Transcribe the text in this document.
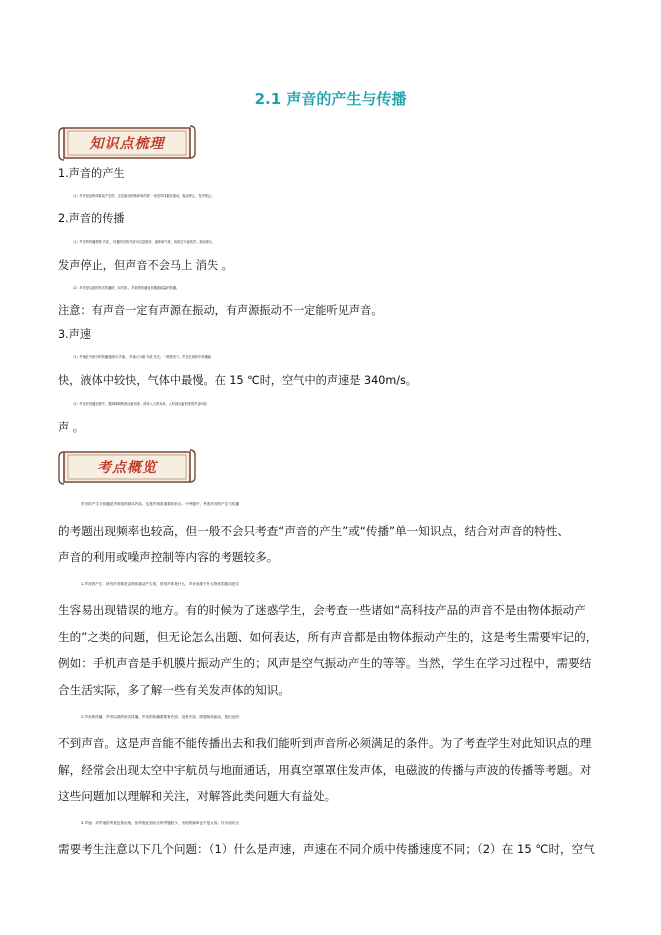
2.1 声音的产生与传播
知识点梳理

1.声音的产生

（1）声音是由物体振动产生的，正在振动的物体叫声源 一切发声体都在振动，振动停止，发声停止。

2.声音的传播

（1）声音的传播需要 介质 ，传播声音的介质可以是固体、液体和气体，但真空不能传声。振动停止，

发声停止，但声音不会马上 消失 。

（2）声音是以波的形式传播的，叫声波 。声波的传播也伴随着能量的传播。

注意：有声音一定有声源在振动，有声源振动不一定能听见声音。

3.声速

（1）声速在介质中的传播速度叫 声速 ，声速大小跟 介质 有关。一般情况下，声音在固体中传播最

快，液体中较快，气体中最慢。在 15 ℃时，空气中的声速是 340m/s。

（2）声音在传播过程中，遇到障碍物被反射回来，再传入人的耳朵，人听到反射回来的声音叫回

声 。

考点概览

声音的产生与传播是声现象的基本内容，也是声现象重要知识点。中考题中，考查声音的产生与传播

的考题出现频率也较高，但一般不会只考查“声音的产生”或“传播”单一知识点，结合对声音的特性、

声音的利用或噪声控制等内容的考题较多。

1.声音的产生：所有声音都是由物体振动产生的，但发声体是什么，声音来源于什么物体的振动是学

生容易出现错误的地方。有的时候为了迷惑学生，会考查一些诸如“高科技产品的声音不是由物体振动产

生的”之类的问题，但无论怎么出题、如何表达，所有声音都是由物体振动产生的，这是考生需要牢记的，

例如：手机声音是手机膜片振动产生的；风声是空气振动产生的等等。当然，学生在学习过程中，需要结

合生活实际，多了解一些有关发声体的知识。

2.声音的传播：声音以波的形式传播，声音的传播需要有介质；没有介质，即便物体振动，我们也听

不到声音。这是声音能不能传播出去和我们能听到声音所必须满足的条件。为了考查学生对此知识点的理

解，经常会出现太空中宇航员与地面通话，用真空罩罩住发声体，电磁波的传播与声波的传播等考题。对

这些问题加以理解和关注，对解答此类问题大有益处。

3.声速：对声速的考查也曾出现，但考查此知识点的考题较少，出现的频率也不是太高。作为知识点

需要考生注意以下几个问题：（1）什么是声速，声速在不同介质中传播速度不同；（2）在 15 ℃时，空气
